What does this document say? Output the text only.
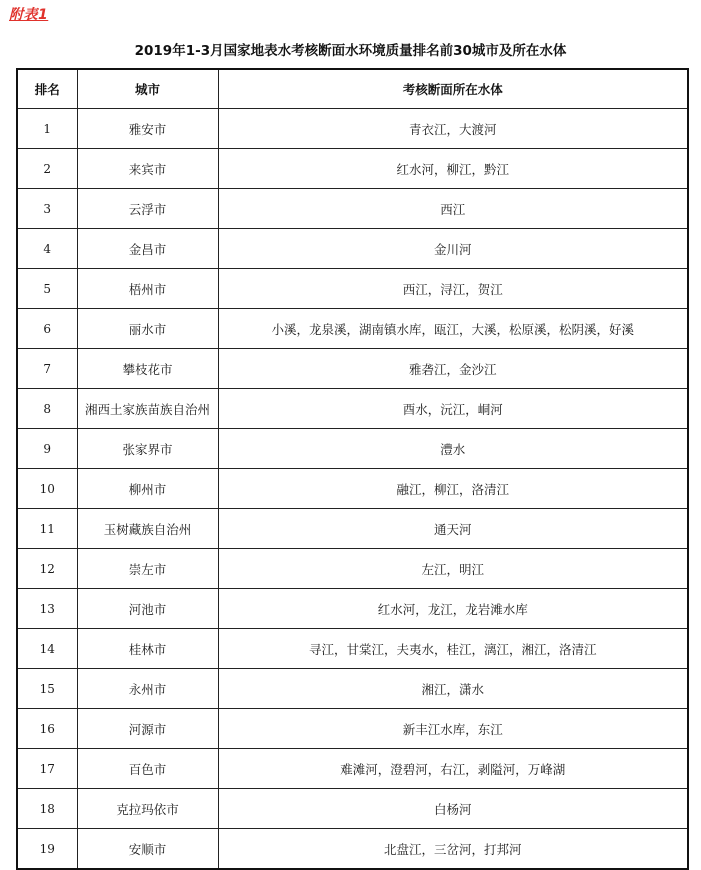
附表1
2019年1-3月国家地表水考核断面水环境质量排名前30城市及所在水体
排名	城市	考核断面所在水体
1	雅安市	青衣江，大渡河
2	来宾市	红水河，柳江，黔江
3	云浮市	西江
4	金昌市	金川河
5	梧州市	西江，浔江，贺江
6	丽水市	小溪，龙泉溪，湖南镇水库，瓯江，大溪，松原溪，松阴溪，好溪
7	攀枝花市	雅砻江，金沙江
8	湘西土家族苗族自治州	酉水，沅江，峒河
9	张家界市	澧水
10	柳州市	融江，柳江，洛清江
11	玉树藏族自治州	通天河
12	崇左市	左江，明江
13	河池市	红水河，龙江，龙岩滩水库
14	桂林市	寻江，甘棠江，夫夷水，桂江，漓江，湘江，洛清江
15	永州市	湘江，潇水
16	河源市	新丰江水库，东江
17	百色市	难滩河，澄碧河，右江，剥隘河，万峰湖
18	克拉玛依市	白杨河
19	安顺市	北盘江，三岔河，打邦河
